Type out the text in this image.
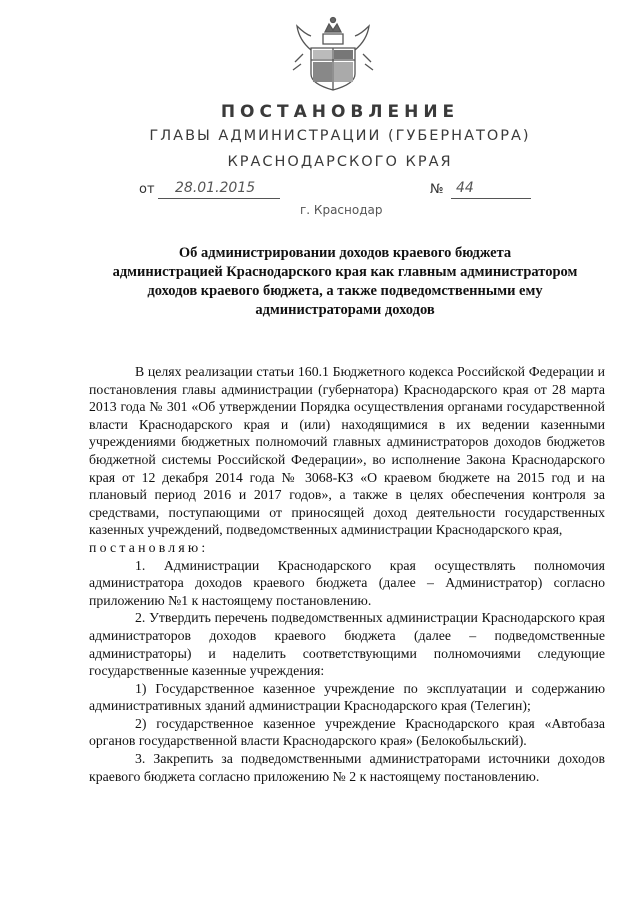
ПОСТАНОВЛЕНИЕ
ГЛАВЫ АДМИНИСТРАЦИИ (ГУБЕРНАТОРА)
КРАСНОДАРСКОГО КРАЯ
от 28.01.2015	№ 44
г. Краснодар
Об администрировании доходов краевого бюджета
администрацией Краснодарского края как главным администратором
доходов краевого бюджета, а также подведомственными ему
администраторами доходов

В целях реализации статьи 160.1 Бюджетного кодекса Российской Федерации и постановления главы администрации (губернатора) Краснодарского края от 28 марта 2013 года № 301 «Об утверждении Порядка осуществления органами государственной власти Краснодарского края и (или) находящимися в их ведении казенными учреждениями бюджетных полномочий главных администраторов доходов бюджетов бюджетной системы Российской Федерации», во исполнение Закона Краснодарского края от 12 декабря 2014 года № 3068-КЗ «О краевом бюджете на 2015 год и на плановый период 2016 и 2017 годов», а также в целях обеспечения контроля за средствами, поступающими от приносящей доход деятельности государственных казенных учреждений, подведомственных администрации Краснодарского края,

постановляю:

1. Администрации Краснодарского края осуществлять полномочия администратора доходов краевого бюджета (далее – Администратор) согласно приложению №1 к настоящему постановлению.

2. Утвердить перечень подведомственных администрации Краснодарского края администраторов доходов краевого бюджета (далее – подведомственные администраторы) и наделить соответствующими полномочиями следующие государственные казенные учреждения:

1) Государственное казенное учреждение по эксплуатации и содержанию административных зданий администрации Краснодарского края (Телегин);

2) государственное казенное учреждение Краснодарского края «Автобаза органов государственной власти Краснодарского края» (Белокобыльский).

3. Закрепить за подведомственными администраторами источники доходов краевого бюджета согласно приложению № 2 к настоящему постановлению.
